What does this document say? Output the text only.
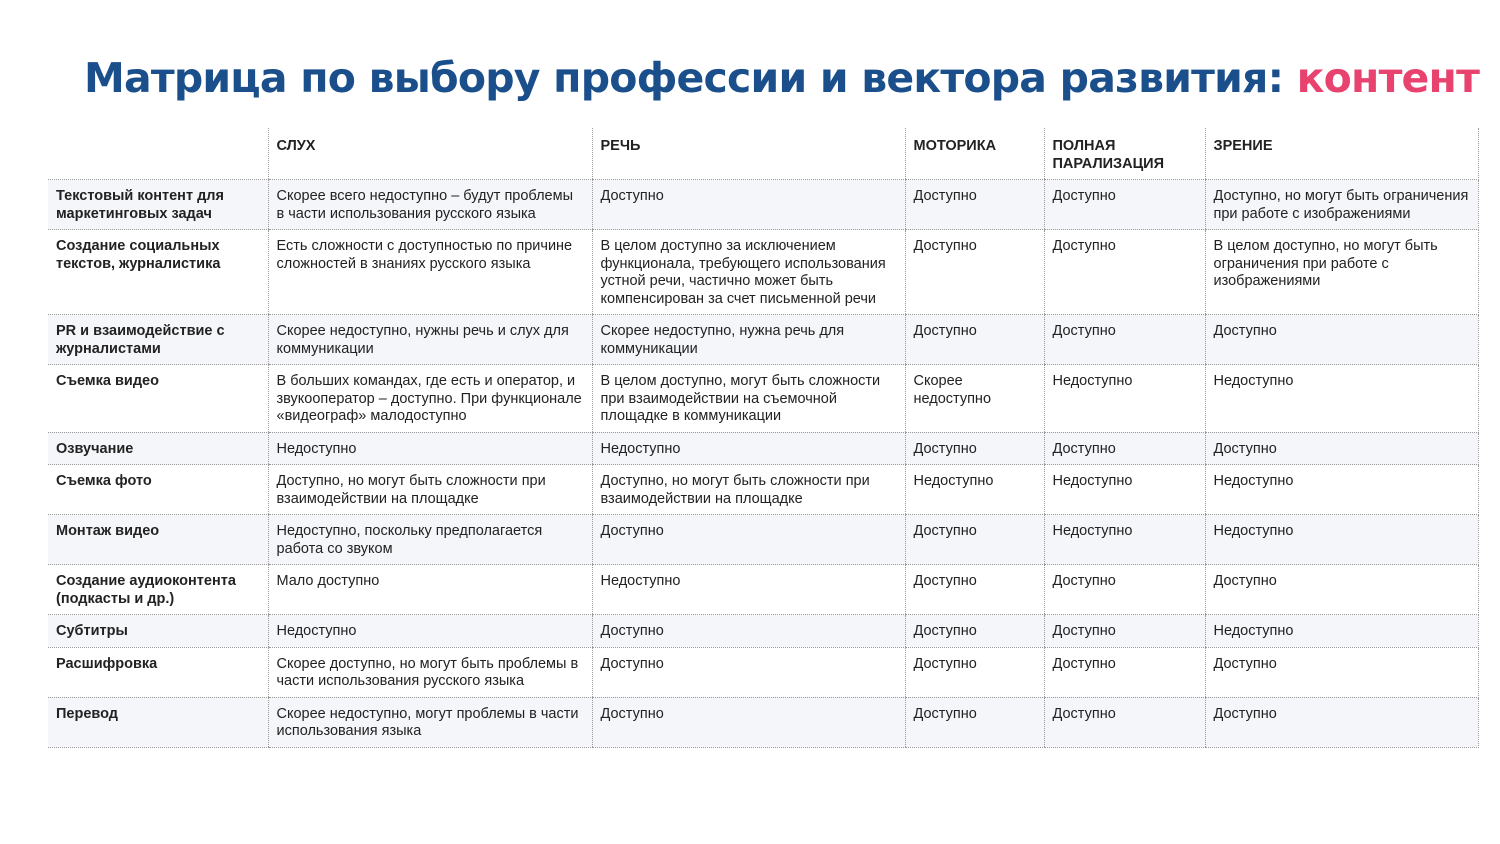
Матрица по выбору профессии и вектора развития: контент
	СЛУХ	РЕЧЬ	МОТОРИКА	ПОЛНАЯ ПАРАЛИЗАЦИЯ	ЗРЕНИЕ
Текстовый контент для маркетинговых задач	Скорее всего недоступно – будут проблемы в части использования русского языка	Доступно	Доступно	Доступно	Доступно, но могут быть ограничения при работе с изображениями
Создание социальных текстов, журналистика	Есть сложности с доступностью по причине сложностей в знаниях русского языка	В целом доступно за исключением функционала, требующего использования устной речи, частично может быть компенсирован за счет письменной речи	Доступно	Доступно	В целом доступно, но могут быть ограничения при работе с изображениями
PR и взаимодействие с журналистами	Скорее недоступно, нужны речь и слух для коммуникации	Скорее недоступно, нужна речь для коммуникации	Доступно	Доступно	Доступно
Съемка видео	В больших командах, где есть и оператор, и звукооператор – доступно. При функционале «видеограф» малодоступно	В целом доступно, могут быть сложности при взаимодействии на съемочной площадке в коммуникации	Скорее недоступно	Недоступно	Недоступно
Озвучание	Недоступно	Недоступно	Доступно	Доступно	Доступно
Съемка фото	Доступно, но могут быть сложности при взаимодействии на площадке	Доступно, но могут быть сложности при взаимодействии на площадке	Недоступно	Недоступно	Недоступно
Монтаж видео	Недоступно, поскольку предполагается работа со звуком	Доступно	Доступно	Недоступно	Недоступно
Создание аудиоконтента (подкасты и др.)	Мало доступно	Недоступно	Доступно	Доступно	Доступно
Субтитры	Недоступно	Доступно	Доступно	Доступно	Недоступно
Расшифровка	Скорее доступно, но могут быть проблемы в части использования русского языка	Доступно	Доступно	Доступно	Доступно
Перевод	Скорее недоступно, могут проблемы в части использования языка	Доступно	Доступно	Доступно	Доступно
